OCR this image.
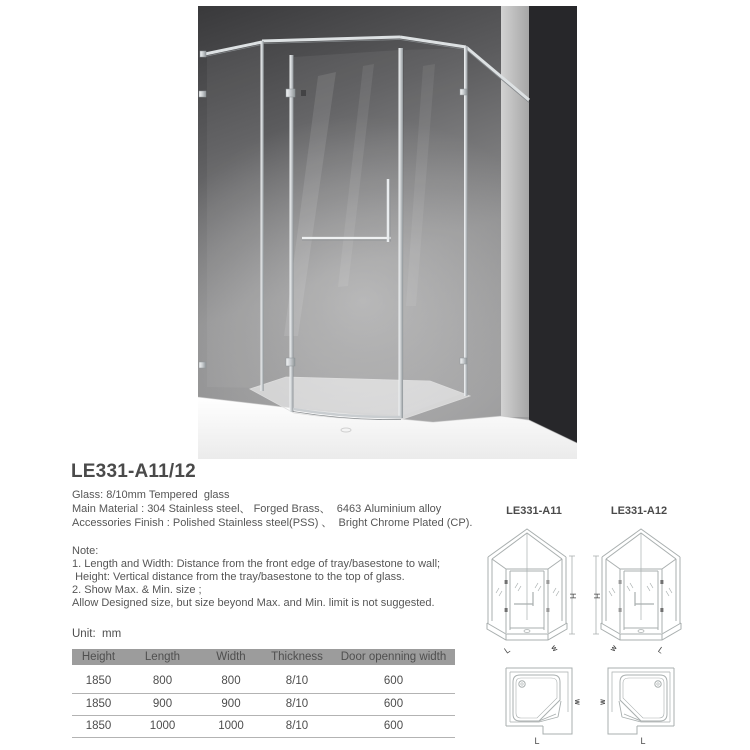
LE331-A11/12
Glass: 8/10mm Tempered  glass
Main Material : 304 Stainless steel、 Forged Brass、  6463 Aluminium alloy
Accessories Finish : Polished Stainless steel(PSS) 、  Bright Chrome Plated (CP).
Note:
1. Length and Width: Distance from the front edge of tray/basestone to wall;
Height: Vertical distance from the tray/basestone to the top of glass.
2. Show Max. & Min. size ;
Allow Designed size, but size beyond Max. and Min. limit is not suggested.
Unit:  mm
Height	Length	Width	Thickness	Door openning width
1850	800	800	8/10	600
1850	900	900	8/10	600
1850	1000	1000	8/10	600
LE331-A11	LE331-A12
H
L	W
H
L
W
W
L
W
L
